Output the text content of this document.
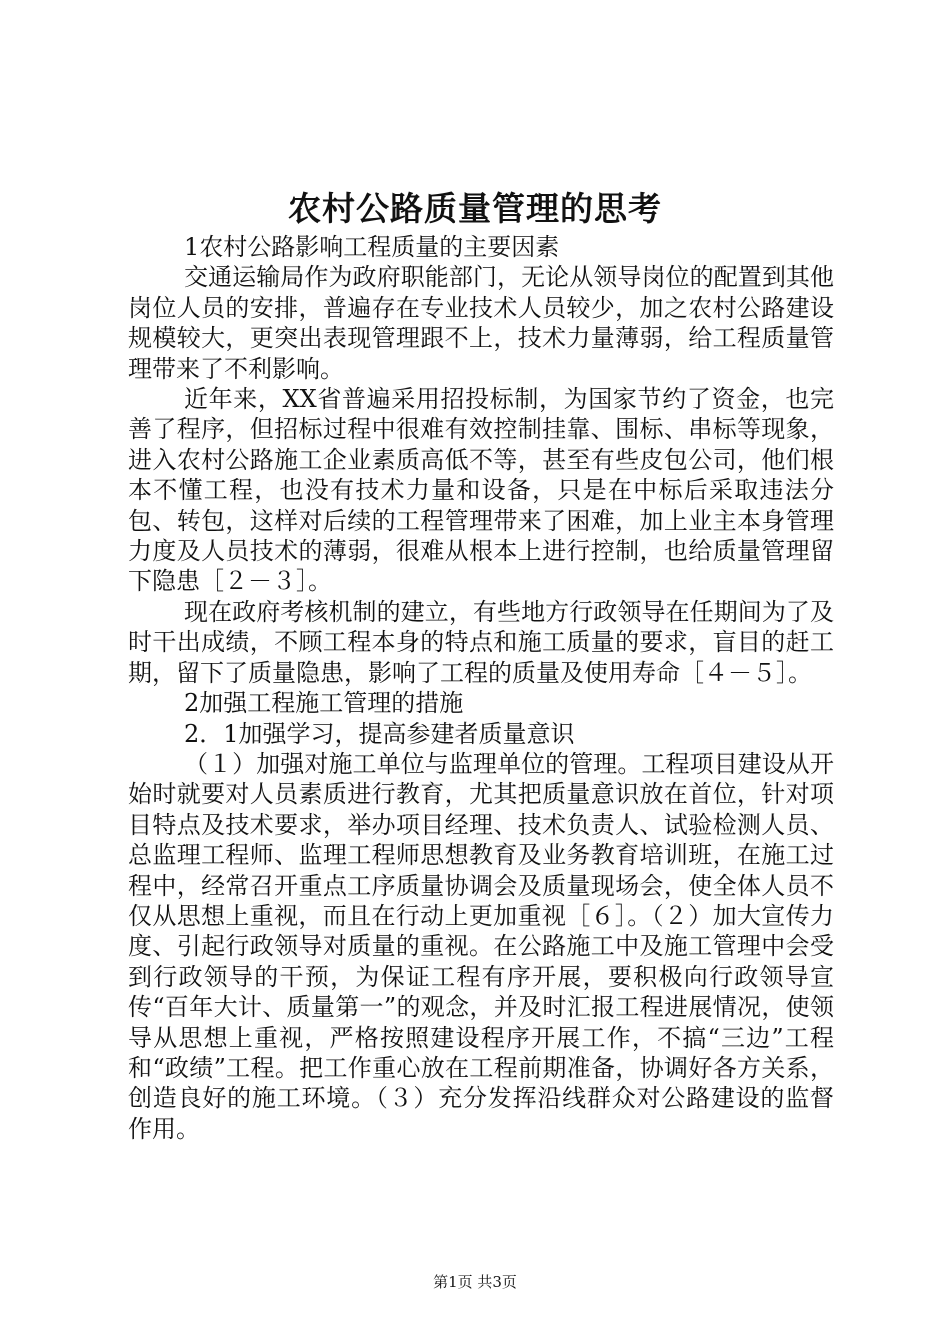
农村公路质量管理的思考

1农村公路影响工程质量的主要因素

交通运输局作为政府职能部门，无论从领导岗位的配置到其他岗位人员的安排，普遍存在专业技术人员较少，加之农村公路建设规模较大，更突出表现管理跟不上，技术力量薄弱，给工程质量管理带来了不利影响。

近年来，XX省普遍采用招投标制，为国家节约了资金，也完善了程序，但招标过程中很难有效控制挂靠、围标、串标等现象，进入农村公路施工企业素质高低不等，甚至有些皮包公司，他们根本不懂工程，也没有技术力量和设备，只是在中标后采取违法分包、转包，这样对后续的工程管理带来了困难，加上业主本身管理力度及人员技术的薄弱，很难从根本上进行控制，也给质量管理留下隐患［２－３］。

现在政府考核机制的建立，有些地方行政领导在任期间为了及时干出成绩，不顾工程本身的特点和施工质量的要求，盲目的赶工期，留下了质量隐患，影响了工程的质量及使用寿命［４－５］。

2加强工程施工管理的措施

2．1加强学习，提高参建者质量意识

（１）加强对施工单位与监理单位的管理。工程项目建设从开始时就要对人员素质进行教育，尤其把质量意识放在首位，针对项目特点及技术要求，举办项目经理、技术负责人、试验检测人员、总监理工程师、监理工程师思想教育及业务教育培训班，在施工过程中，经常召开重点工序质量协调会及质量现场会，使全体人员不仅从思想上重视，而且在行动上更加重视［６］。（２）加大宣传力度、引起行政领导对质量的重视。在公路施工中及施工管理中会受到行政领导的干预，为保证工程有序开展，要积极向行政领导宣传“百年大计、质量第一”的观念，并及时汇报工程进展情况，使领导从思想上重视，严格按照建设程序开展工作，不搞“三边”工程和“政绩”工程。把工作重心放在工程前期准备，协调好各方关系，创造良好的施工环境。（３）充分发挥沿线群众对公路建设的监督作用。

第1页 共3页
